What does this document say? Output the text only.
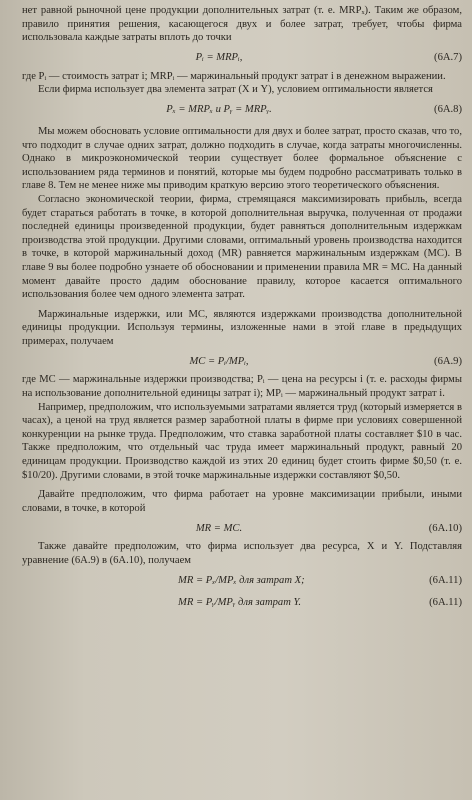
нет равной рыночной цене продукции дополнительных затрат (т. е. MRPₓ). Таким же образом, правило принятия решения, касающегося двух и более затрат, требует, чтобы фирма использовала каждые затраты вплоть до точки

Pᵢ = MRPᵢ,	(6A.7)

где Pᵢ — стоимость затрат i; MRPᵢ — маржинальный продукт затрат i в денежном выражении.

Если фирма использует два элемента затрат (X и Y), условием оптимальности является

Pₓ = MRPₓ и Pᵧ = MRPᵧ.	(6A.8)

Мы можем обосновать условие оптимальности для двух и более затрат, просто сказав, что то, что подходит в случае одних затрат, должно подходить в случае, когда затраты многочисленны. Однако в микроэкономической теории существует более формальное объяснение с использованием ряда терминов и понятий, которые мы будем подробно рассматривать только в главе 8. Тем не менее ниже мы приводим краткую версию этого теоретического объяснения.

Согласно экономической теории, фирма, стремящаяся максимизировать прибыль, всегда будет стараться работать в точке, в которой дополнительная выручка, полученная от продажи последней единицы произведенной продукции, будет равняться дополнительным издержкам производства этой продукции. Другими словами, оптимальный уровень производства находится в точке, в которой маржинальный доход (MR) равняется маржинальным издержкам (MC). В главе 9 вы более подробно узнаете об обосновании и применении правила MR = MC. На данный момент давайте просто дадим обоснование правилу, которое касается оптимального использования более чем одного элемента затрат.

Маржинальные издержки, или MC, являются издержками производства дополнительной единицы продукции. Используя термины, изложенные нами в этой главе в предыдущих примерах, получаем

MC = Pᵢ/MPᵢ,	(6A.9)

где MC — маржинальные издержки производства; Pᵢ — цена на ресурсы i (т. е. расходы фирмы на использование дополнительной единицы затрат i); MPᵢ — маржинальный продукт затрат i.

Например, предположим, что используемыми затратами является труд (который измеряется в часах), а ценой на труд является размер заработной платы в фирме при условиях совершенной конкуренции на рынке труда. Предположим, что ставка заработной платы составляет $10 в час. Также предположим, что отдельный час труда имеет маржинальный продукт, равный 20 единицам продукции. Производство каждой из этих 20 единиц будет стоить фирме $0,50 (т. е. $10/20). Другими словами, в этой точке маржинальные издержки составляют $0,50.

Давайте предположим, что фирма работает на уровне максимизации прибыли, иными словами, в точке, в которой

MR = MC.	(6A.10)

Также давайте предположим, что фирма использует два ресурса, X и Y. Подставляя уравнение (6A.9) в (6A.10), получаем

MR = Pₓ/MPₓ для затрат X;	(6A.11)
MR = Pᵧ/MPᵧ для затрат Y.	(6A.11)
